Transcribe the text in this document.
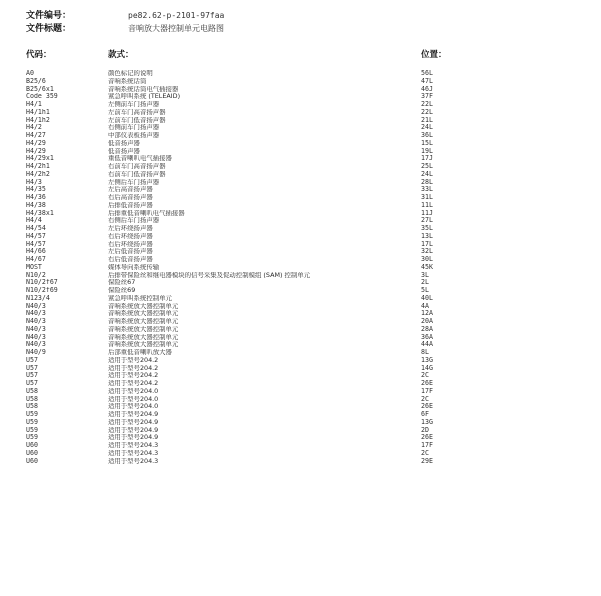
文件编号：	pe82.62-p-2101-97faa
文件标题：	音响放大器控制单元电路图
代码：	款式：	位置：
A0	颜色标记的说明	56L
B25/6	音响系统话筒	47L
B25/6x1	音响系统话筒电气插接器	46J
Code 359	紧急呼叫系统 (TELEAID)	37F
H4/1	左侧前车门扬声器	22L
H4/1h1	左前车门高音扬声器	22L
H4/1h2	左前车门低音扬声器	21L
H4/2	右侧前车门扬声器	24L
H4/27	中部仪表板扬声器	36L
H4/29	低音扬声器	15L
H4/29	低音扬声器	19L
H4/29x1	重低音喇叭电气插接器	17J
H4/2h1	右前车门高音扬声器	25L
H4/2h2	右前车门低音扬声器	24L
H4/3	左侧后车门扬声器	28L
H4/35	左后高音扬声器	33L
H4/36	右后高音扬声器	31L
H4/38	后排低音扬声器	11L
H4/38x1	后排重低音喇叭电气插接器	11J
H4/4	右侧后车门扬声器	27L
H4/54	左后环绕扬声器	35L
H4/57	右后环绕扬声器	13L
H4/57	右后环绕扬声器	17L
H4/66	左后低音扬声器	32L
H4/67	右后低音扬声器	30L
MOST	媒体导向系统传输	45K
N10/2	后排带保险丝和继电器模块的信号采集及促动控制模组 (SAM) 控制单元	3L
N10/2f67	保险丝67	2L
N10/2f69	保险丝69	5L
N123/4	紧急呼叫系统控制单元	40L
N40/3	音响系统放大器控制单元	4A
N40/3	音响系统放大器控制单元	12A
N40/3	音响系统放大器控制单元	20A
N40/3	音响系统放大器控制单元	28A
N40/3	音响系统放大器控制单元	36A
N40/3	音响系统放大器控制单元	44A
N40/9	后部重低音喇叭放大器	8L
U57	适用于型号204.2	13G
U57	适用于型号204.2	14G
U57	适用于型号204.2	2C
U57	适用于型号204.2	26E
U58	适用于型号204.0	17F
U58	适用于型号204.0	2C
U58	适用于型号204.0	26E
U59	适用于型号204.9	6F
U59	适用于型号204.9	13G
U59	适用于型号204.9	2D
U59	适用于型号204.9	26E
U60	适用于型号204.3	17F
U60	适用于型号204.3	2C
U60	适用于型号204.3	29E
